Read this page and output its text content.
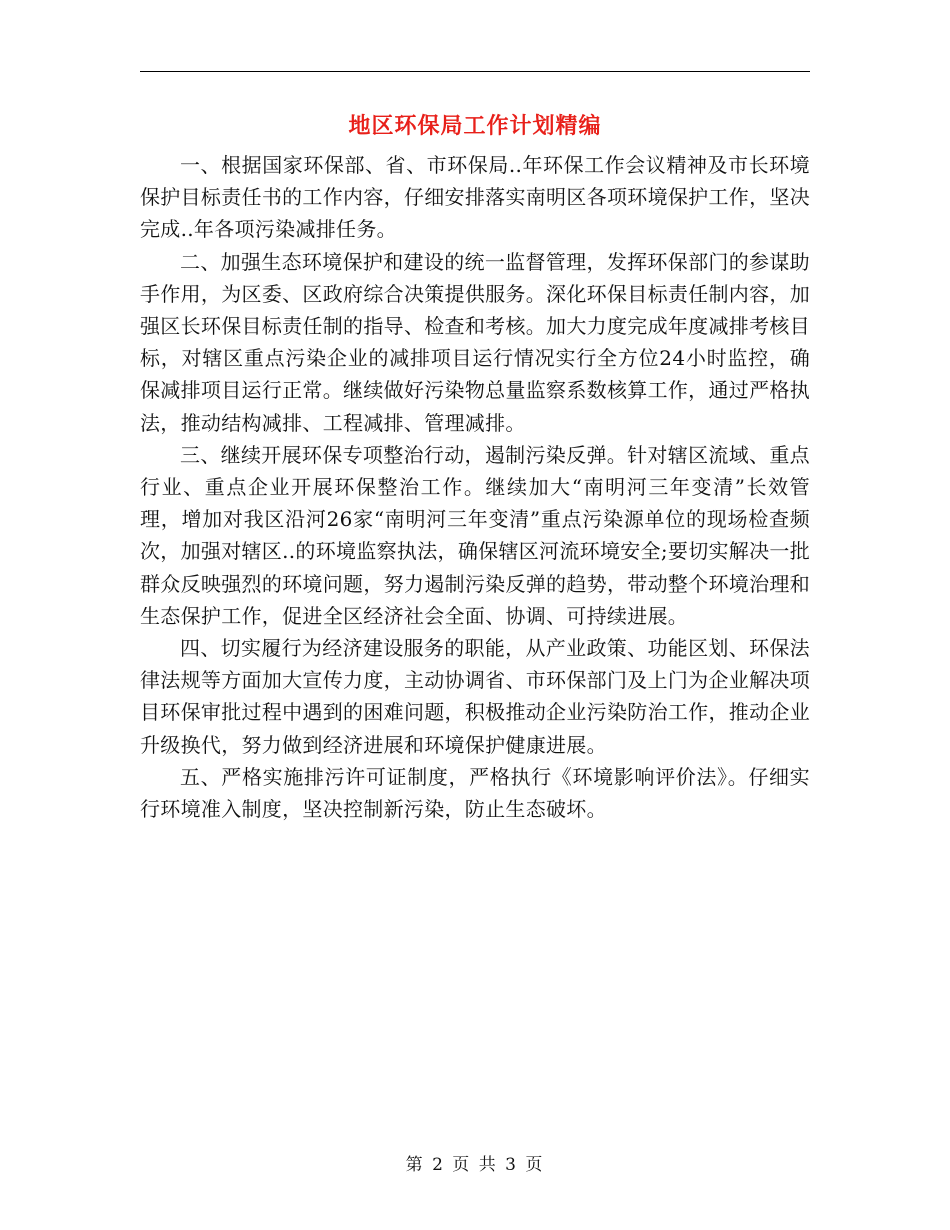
地区环保局工作计划精编

一、根据国家环保部、省、市环保局..年环保工作会议精神及市长环境保护目标责任书的工作内容，仔细安排落实南明区各项环境保护工作，坚决完成..年各项污染减排任务。

二、加强生态环境保护和建设的统一监督管理，发挥环保部门的参谋助手作用，为区委、区政府综合决策提供服务。深化环保目标责任制内容，加强区长环保目标责任制的指导、检查和考核。加大力度完成年度减排考核目标，对辖区重点污染企业的减排项目运行情况实行全方位24小时监控，确保减排项目运行正常。继续做好污染物总量监察系数核算工作，通过严格执法，推动结构减排、工程减排、管理减排。

三、继续开展环保专项整治行动，遏制污染反弹。针对辖区流域、重点行业、重点企业开展环保整治工作。继续加大“南明河三年变清”长效管理，增加对我区沿河26家“南明河三年变清”重点污染源单位的现场检查频次，加强对辖区..的环境监察执法，确保辖区河流环境安全;要切实解决一批群众反映强烈的环境问题，努力遏制污染反弹的趋势，带动整个环境治理和生态保护工作，促进全区经济社会全面、协调、可持续进展。

四、切实履行为经济建设服务的职能，从产业政策、功能区划、环保法律法规等方面加大宣传力度，主动协调省、市环保部门及上门为企业解决项目环保审批过程中遇到的困难问题，积极推动企业污染防治工作，推动企业升级换代，努力做到经济进展和环境保护健康进展。

五、严格实施排污许可证制度，严格执行《环境影响评价法》。仔细实行环境准入制度，坚决控制新污染，防止生态破坏。

第 2 页 共 3 页
